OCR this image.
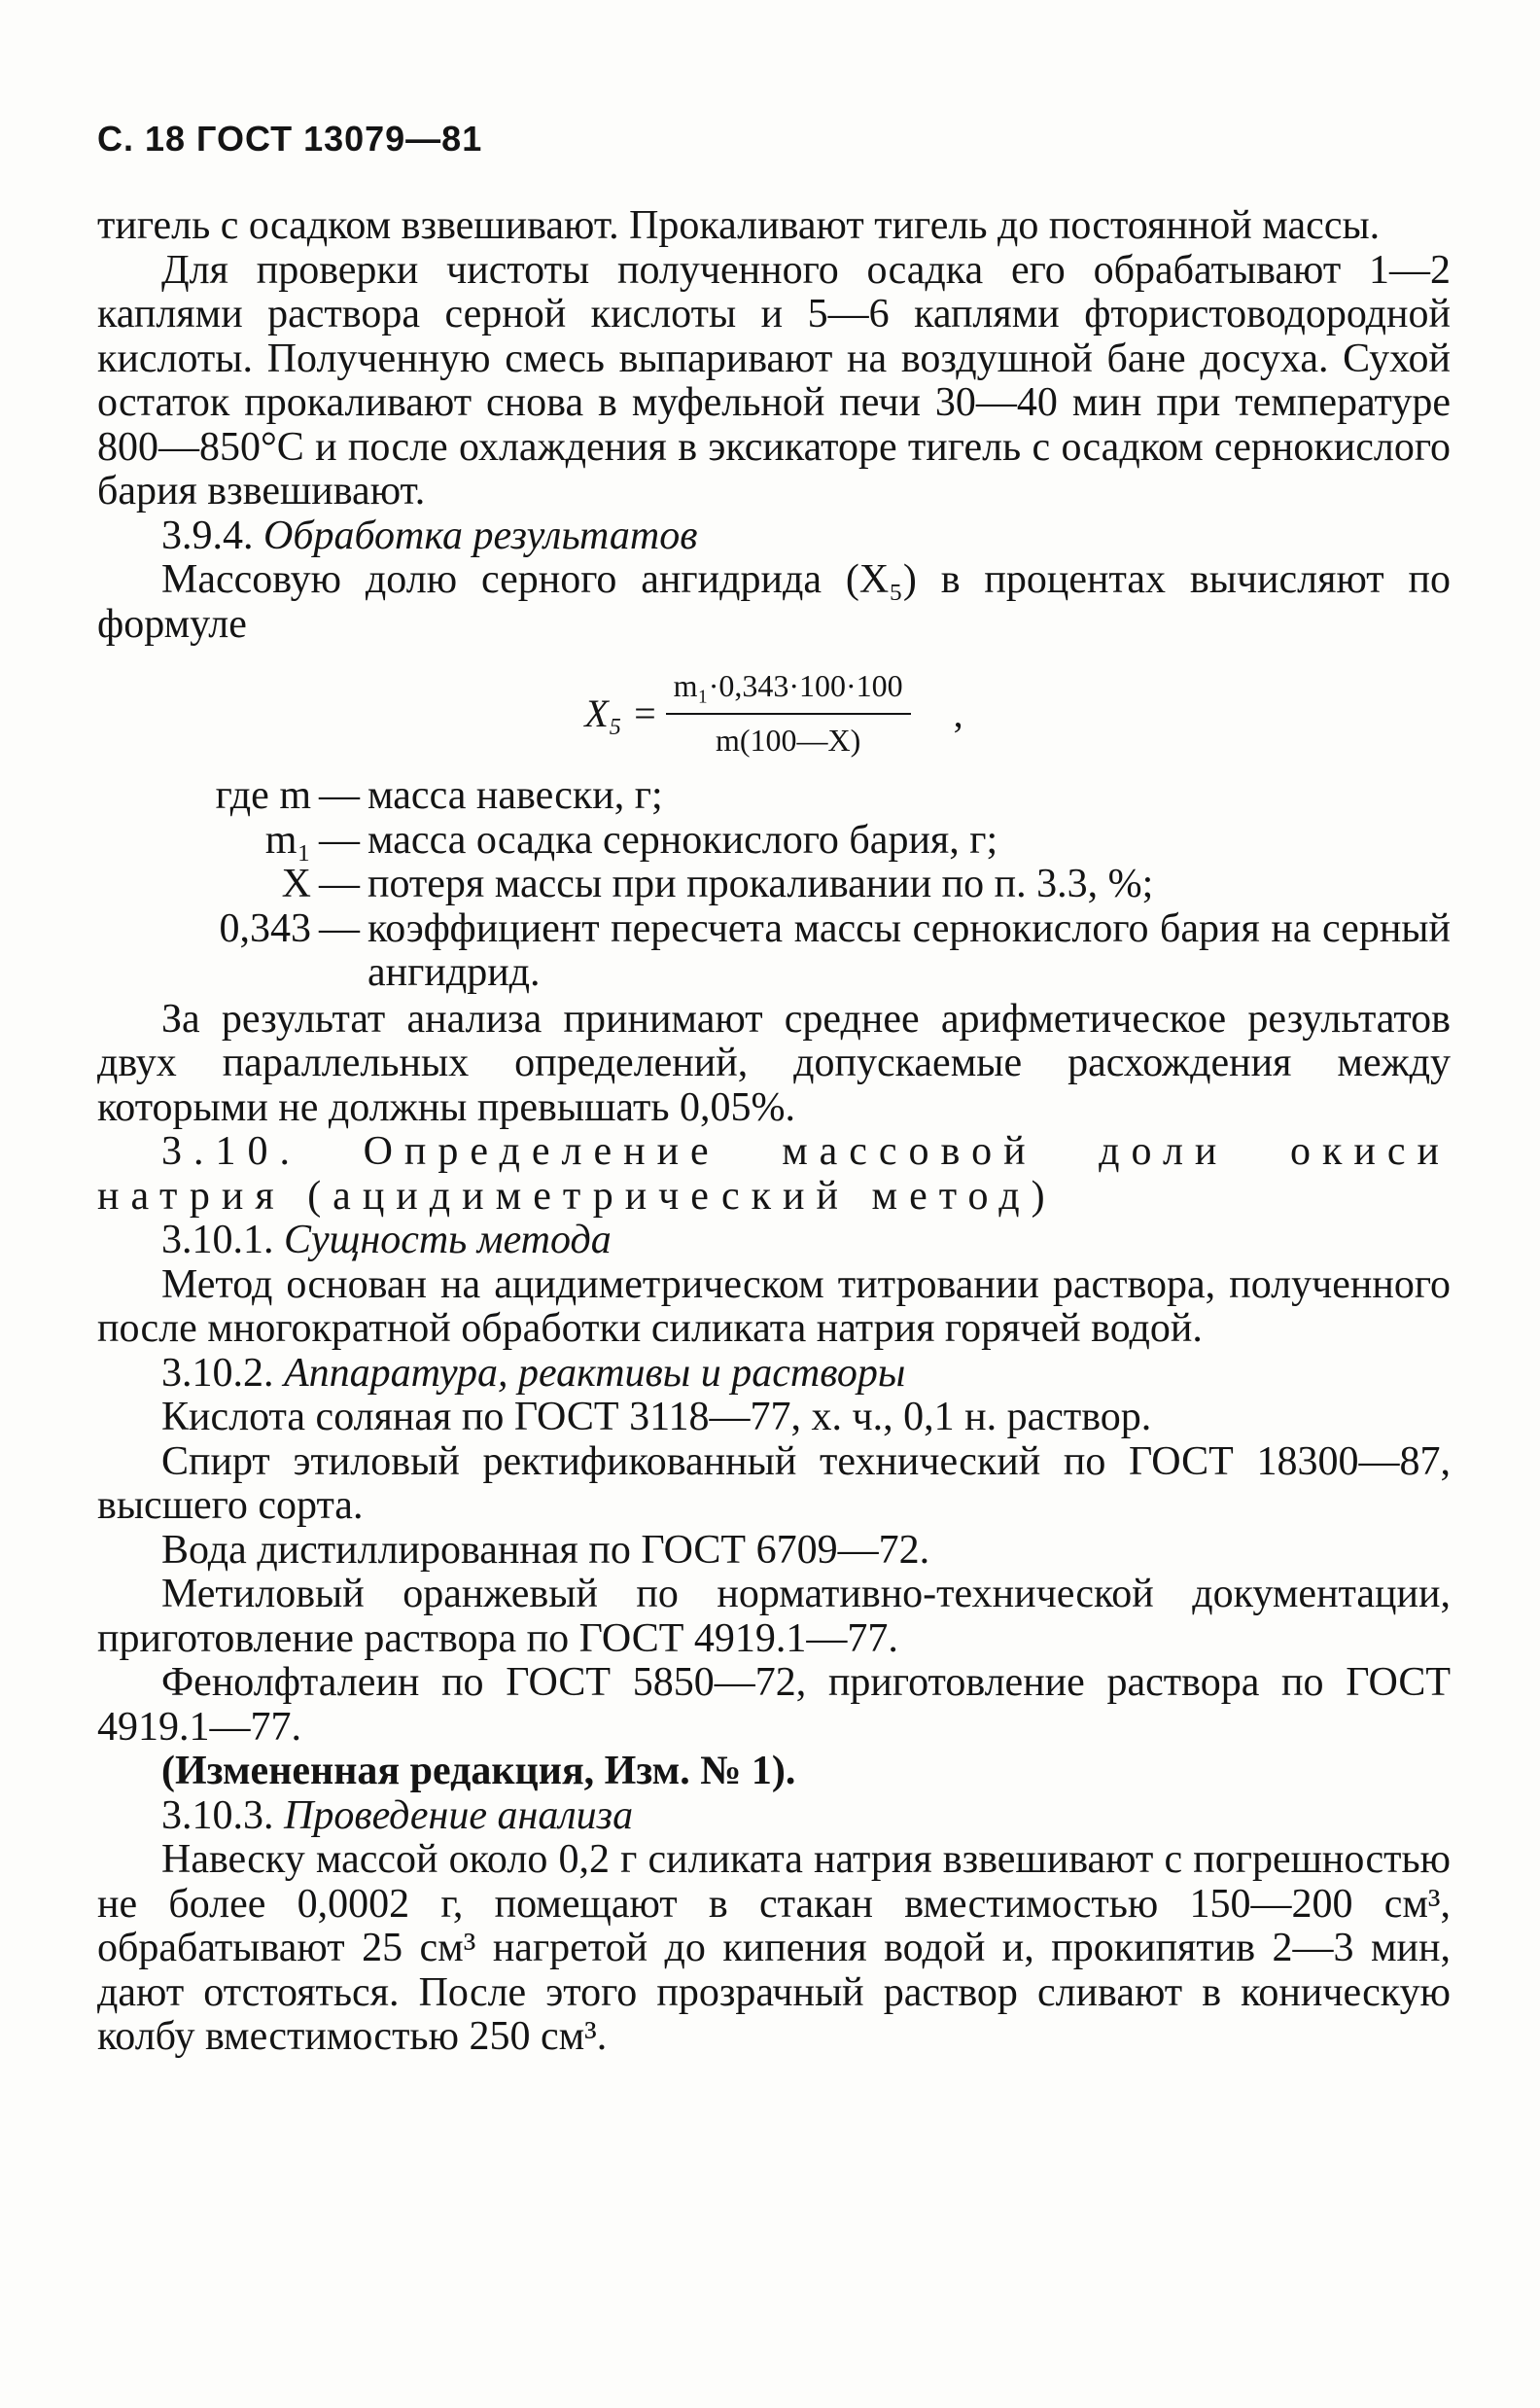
С. 18 ГОСТ 13079—81

тигель с осадком взвешивают. Прокаливают тигель до постоянной массы.

Для проверки чистоты полученного осадка его обрабатывают 1—2 каплями раствора серной кислоты и 5—6 каплями фтористоводородной кислоты. Полученную смесь выпаривают на воздушной бане досуха. Сухой остаток прокаливают снова в муфельной печи 30—40 мин при температуре 800—850°С и после охлаждения в эксикаторе тигель с осадком сернокислого бария взвешивают.

3.9.4. Обработка результатов

Массовую долю серного ангидрида (X₅) в процентах вычисляют по формуле

$X_5 = \frac{\text{m₁·0,343·100·100}}{m(100—X)}$ ,
где m — масса навески, г;
m₁ — масса осадка сернокислого бария, г;
X — потеря массы при прокаливании по п. 3.3, %;
0,343 — коэффициент пересчета массы сернокислого бария на серный ангидрид.

За результат анализа принимают среднее арифметическое результатов двух параллельных определений, допускаемые расхождения между которыми не должны превышать 0,05%.

3.10. Определение массовой доли окиси натрия (ацидиметрический метод)

3.10.1. Сущность метода

Метод основан на ацидиметрическом титровании раствора, полученного после многократной обработки силиката натрия горячей водой.

3.10.2. Аппаратура, реактивы и растворы

Кислота соляная по ГОСТ 3118—77, х. ч., 0,1 н. раствор.

Спирт этиловый ректификованный технический по ГОСТ 18300—87, высшего сорта.

Вода дистиллированная по ГОСТ 6709—72.

Метиловый оранжевый по нормативно-технической документации, приготовление раствора по ГОСТ 4919.1—77.

Фенолфталеин по ГОСТ 5850—72, приготовление раствора по ГОСТ 4919.1—77.

(Измененная редакция, Изм. № 1).

3.10.3. Проведение анализа

Навеску массой около 0,2 г силиката натрия взвешивают с погрешностью не более 0,0002 г, помещают в стакан вместимостью 150—200 см³, обрабатывают 25 см³ нагретой до кипения водой и, прокипятив 2—3 мин, дают отстояться. После этого прозрачный раствор сливают в коническую колбу вместимостью 250 см³.
